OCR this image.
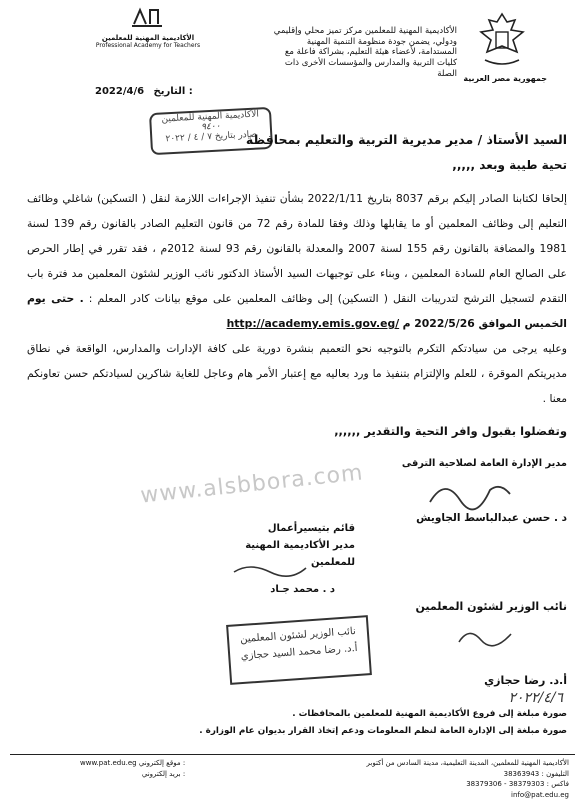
جمهورية مصر العربية
الأكاديمية المهنية للمعلمين مركز تميز محلي وإقليمي ودولي، يضمن جودة منظومة التنمية المهنية المستدامة، لأعضاء هيئة التعليم، بشراكة فاعلة مع كليات التربية والمدارس والمؤسسات الأخرى ذات الصلة
الأكاديمية المهنية للمعلمين
Professional Academy for Teachers
2022/4/6 التاريخ :
الأكاديمية المهنية للمعلمين
٩٤٠٠
صادر بتاريخ ٧ / ٤ / ٢٠٢٢
السيد الأستاذ / مدير مديرية التربية والتعليم بمحافظة
تحية طيبة وبعد ,,,,,
إلحاقا لكتابنا الصادر إليكم برقم 8037 بتاريخ 2022/1/11 بشأن تنفيذ الإجراءات اللازمة لنقل ( التسكين) شاغلي وظائف التعليم إلى وظائف المعلمين أو ما يقابلها وذلك وفقا للمادة رقم 72 من قانون التعليم الصادر بالقانون رقم 139 لسنة 1981 والمضافة بالقانون رقم 155 لسنة 2007 والمعدلة بالقانون رقم 93 لسنة 2012م ، فقد تقرر في إطار الحرص على الصالح العام للسادة المعلمين ، وبناء على توجيهات السيد الأستاذ الدكتور نائب الوزير لشئون المعلمين مد فترة باب التقدم لتسجيل الترشح لتدريبات النقل ( التسكين) إلى وظائف المعلمين على موقع بيانات كادر المعلم : . حتى يوم الخميس الموافق 2022/5/26 م http://academy.emis.gov.eg/
وعليه يرجى من سيادتكم التكرم بالتوجيه نحو التعميم بنشرة دورية على كافة الإدارات والمدارس، الواقعة في نطاق مديريتكم الموقرة ، للعلم والإلتزام بتنفيذ ما ورد بعاليه مع إعتبار الأمر هام وعاجل للغاية شاكرين لسيادتكم حسن تعاونكم معنا .
وتفضلوا بقبول وافر التحية والتقدير ,,,,,,
مدير الإدارة العامة لصلاحية الترقى
د . حسن عبدالباسط الجاويش
www.alsbbora.com
قائم بتيسيرأعمال
مدير الأكاديمية المهنية للمعلمين
د . محمد جـاد
نائب الوزير لشئون المعلمين
أ.د. رضا حجازي
٢٠٢٢/٤/٦
نائب الوزير لشئون المعلمين
أ.د. رضا محمد السيد حجازي
صورة مبلغة إلى فروع الأكاديمية المهنية للمعلمين بالمحافظات .
صورة مبلغة إلى الإدارة العامة لنظم المعلومات ودعم إتخاذ القرار بديوان عام الوزارة .
الأكاديمية المهنية للمعلمين، المدينة التعليمية، مدينة السادس من أكتوبر
التليفون : 38363943
فاكس : 38379303 - 38379306
info@pat.edu.eg
www.pat.edu.eg موقع إلكتروني :
بريد إلكتروني :
